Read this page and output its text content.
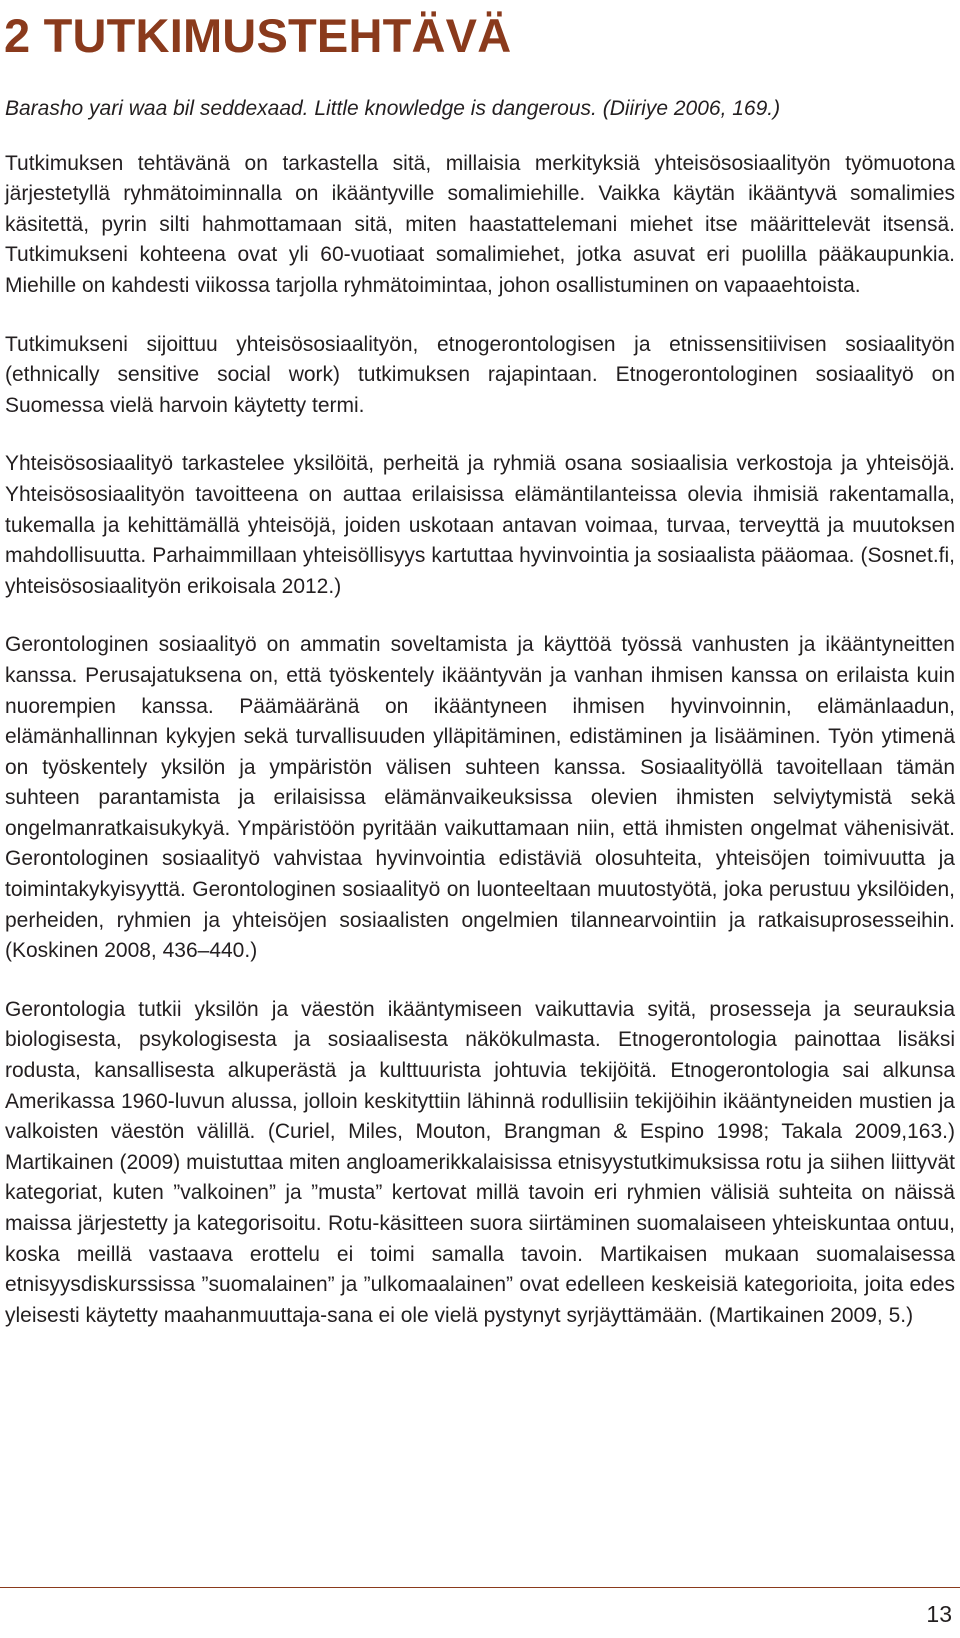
2 TUTKIMUSTEHTÄVÄ

Barasho yari waa bil seddexaad. Little knowledge is dangerous. (Diiriye 2006, 169.)

Tutkimuksen tehtävänä on tarkastella sitä, millaisia merkityksiä yhteisösosiaalityön työmuotona järjestetyllä ryhmätoiminnalla on ikääntyville somalimiehille. Vaikka käytän ikääntyvä somalimies käsitettä, pyrin silti hahmottamaan sitä, miten haastattelemani miehet itse määrittelevät itsensä. Tutkimukseni kohteena ovat yli 60-vuotiaat somalimiehet, jotka asuvat eri puolilla pääkaupunkia. Miehille on kahdesti viikossa tarjolla ryhmätoimintaa, johon osallistuminen on vapaaehtoista.

Tutkimukseni sijoittuu yhteisösosiaalityön, etnogerontologisen ja etnissensitiivisen sosiaalityön (ethnically sensitive social work) tutkimuksen rajapintaan. Etnogerontologinen sosiaalityö on Suomessa vielä harvoin käytetty termi.

Yhteisösosiaalityö tarkastelee yksilöitä, perheitä ja ryhmiä osana sosiaalisia verkostoja ja yhteisöjä. Yhteisösosiaalityön tavoitteena on auttaa erilaisissa elämäntilanteissa olevia ihmisiä rakentamalla, tukemalla ja kehittämällä yhteisöjä, joiden uskotaan antavan voimaa, turvaa, terveyttä ja muutoksen mahdollisuutta. Parhaimmillaan yhteisöllisyys kartuttaa hyvinvointia ja sosiaalista pääomaa. (Sosnet.fi, yhteisösosiaalityön erikoisala 2012.)

Gerontologinen sosiaalityö on ammatin soveltamista ja käyttöä työssä vanhusten ja ikääntyneitten kanssa. Perusajatuksena on, että työskentely ikääntyvän ja vanhan ihmisen kanssa on erilaista kuin nuorempien kanssa. Päämääränä on ikääntyneen ihmisen hyvinvoinnin, elämänlaadun, elämänhallinnan kykyjen sekä turvallisuuden ylläpitäminen, edistäminen ja lisääminen. Työn ytimenä on työskentely yksilön ja ympäristön välisen suhteen kanssa. Sosiaalityöllä tavoitellaan tämän suhteen parantamista ja erilaisissa elämänvaikeuksissa olevien ihmisten selviytymistä sekä ongelmanratkaisukykyä. Ympäristöön pyritään vaikuttamaan niin, että ihmisten ongelmat vähenisivät. Gerontologinen sosiaalityö vahvistaa hyvinvointia edistäviä olosuhteita, yhteisöjen toimivuutta ja toimintakykyisyyttä. Gerontologinen sosiaalityö on luonteeltaan muutostyötä, joka perustuu yksilöiden, perheiden, ryhmien ja yhteisöjen sosiaalisten ongelmien tilannearvointiin ja ratkaisuprosesseihin. (Koskinen 2008, 436–440.)

Gerontologia tutkii yksilön ja väestön ikääntymiseen vaikuttavia syitä, prosesseja ja seurauksia biologisesta, psykologisesta ja sosiaalisesta näkökulmasta. Etnogerontologia painottaa lisäksi rodusta, kansallisesta alkuperästä ja kulttuurista johtuvia tekijöitä. Etnogerontologia sai alkunsa Amerikassa 1960-luvun alussa, jolloin keskityttiin lähinnä rodullisiin tekijöihin ikääntyneiden mustien ja valkoisten väestön välillä. (Curiel, Miles, Mouton, Brangman & Espino 1998; Takala 2009,163.) Martikainen (2009) muistuttaa miten angloamerikkalaisissa etnisyystutkimuksissa rotu ja siihen liittyvät kategoriat, kuten ”valkoinen” ja ”musta” kertovat millä tavoin eri ryhmien välisiä suhteita on näissä maissa järjestetty ja kategorisoitu. Rotu-käsitteen suora siirtäminen suomalaiseen yhteiskuntaa ontuu, koska meillä vastaava erottelu ei toimi samalla tavoin. Martikaisen mukaan suomalaisessa etnisyysdiskurssissa ”suomalainen” ja ”ulkomaalainen” ovat edelleen keskeisiä kategorioita, joita edes yleisesti käytetty maahanmuuttaja-sana ei ole vielä pystynyt syrjäyttämään. (Martikainen 2009, 5.)

13
